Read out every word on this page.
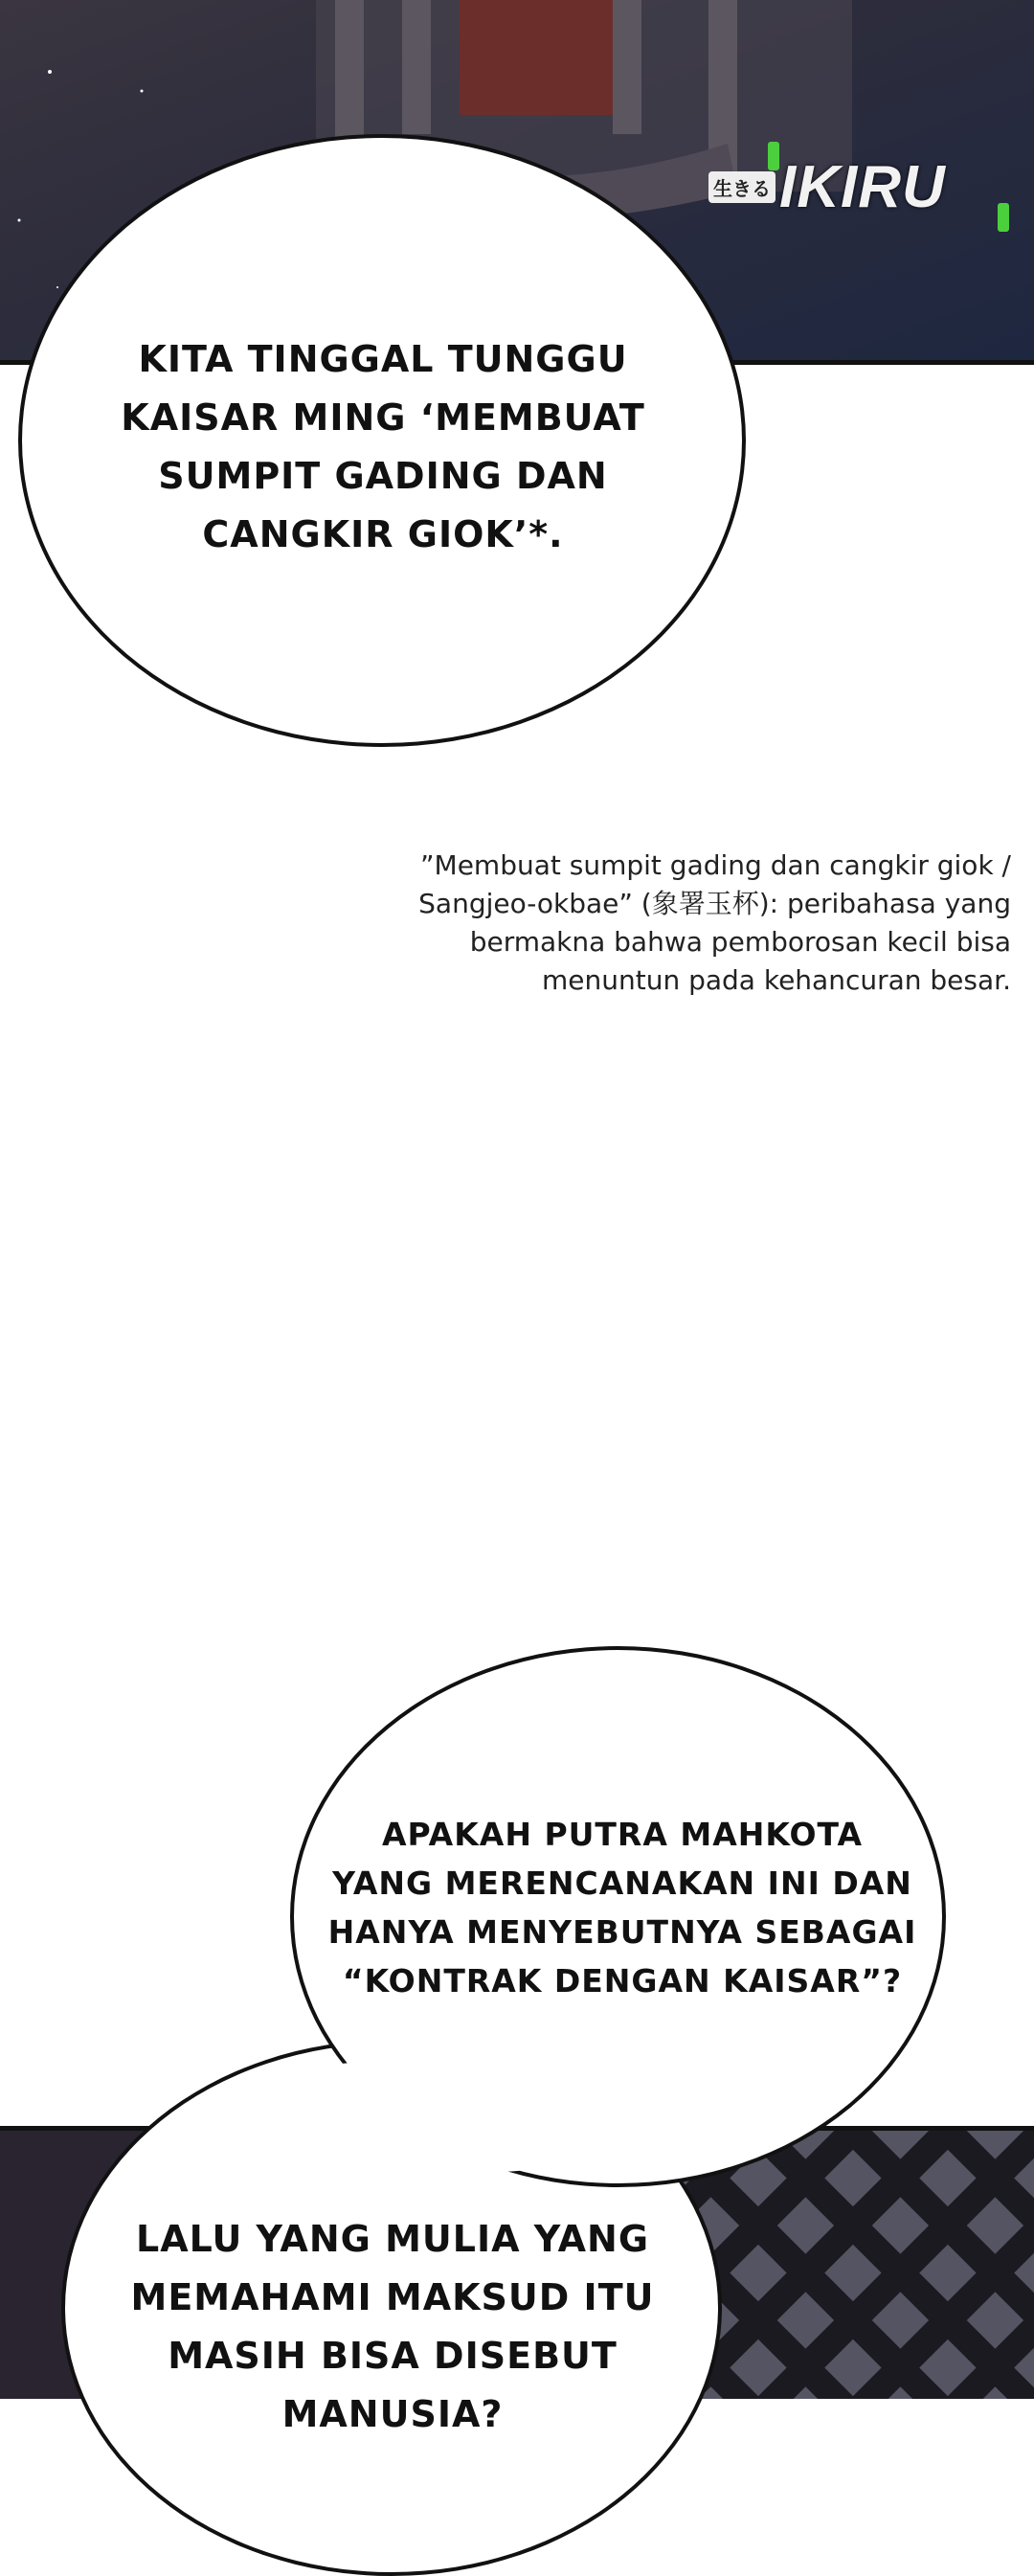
生きる IKIRU
KITA TINGGAL TUNGGU
KAISAR MING ‘MEMBUAT
SUMPIT GADING DAN
CANGKIR GIOK’*.
”Membuat sumpit gading dan cangkir giok /
Sangjeo-okbae” (象署玉杯): peribahasa yang
bermakna bahwa pemborosan kecil bisa
menuntun pada kehancuran besar.
APAKAH PUTRA MAHKOTA
YANG MERENCANAKAN INI DAN
HANYA MENYEBUTNYA SEBAGAI
“KONTRAK DENGAN KAISAR”?
LALU YANG MULIA YANG
MEMAHAMI MAKSUD ITU
MASIH BISA DISEBUT
MANUSIA?
